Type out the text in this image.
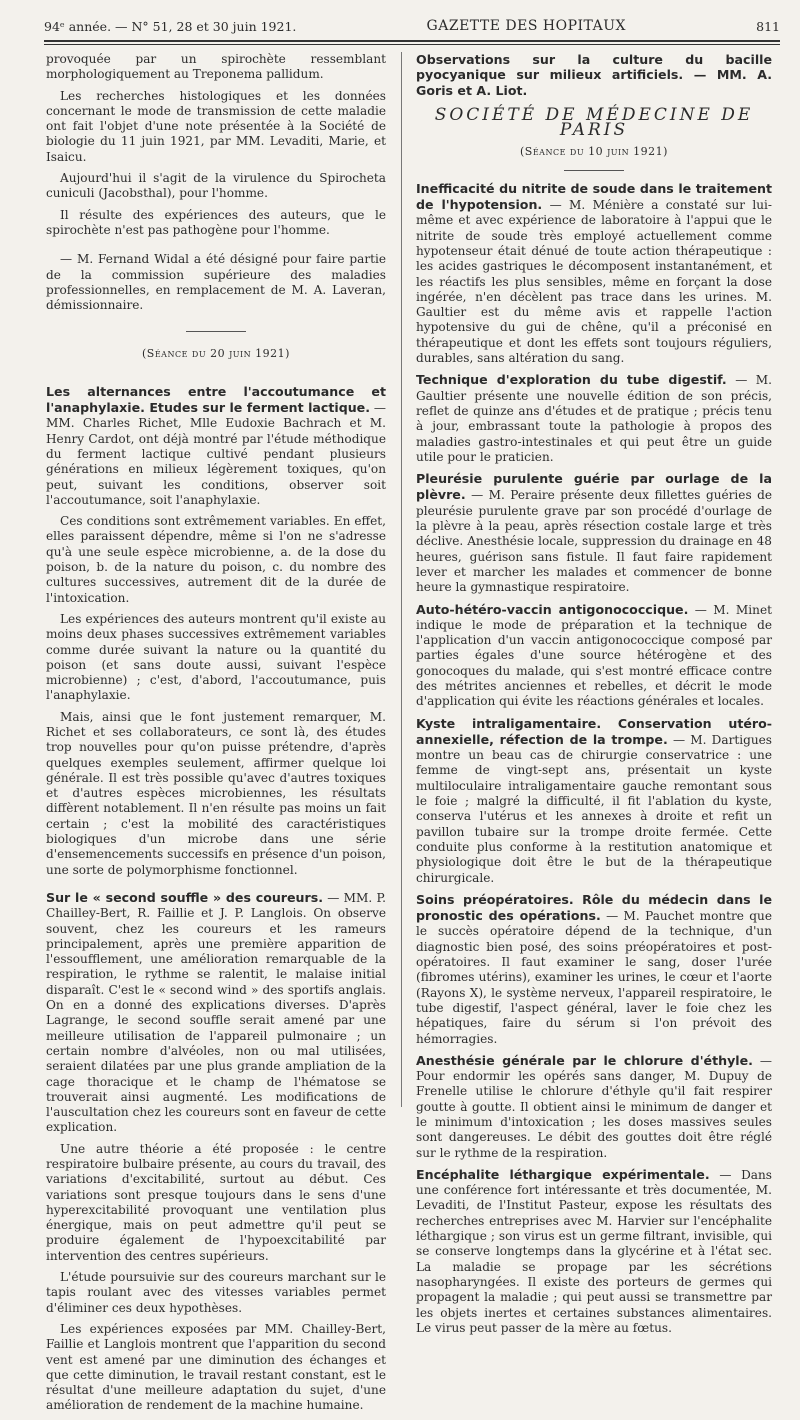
94ᵉ année. — N° 51, 28 et 30 juin 1921.	GAZETTE DES HOPITAUX	811

provoquée par un spirochète ressemblant morphologiquement au Treponema pallidum.

Les recherches histologiques et les données concernant le mode de transmission de cette maladie ont fait l'objet d'une note présentée à la Société de biologie du 11 juin 1921, par MM. Levaditi, Marie, et Isaicu.

Aujourd'hui il s'agit de la virulence du Spirocheta cuniculi (Jacobsthal), pour l'homme.

Il résulte des expériences des auteurs, que le spirochète n'est pas pathogène pour l'homme.

— M. Fernand Widal a été désigné pour faire partie de la commission supérieure des maladies professionnelles, en remplacement de M. A. Laveran, démissionnaire.

(Séance du 20 juin 1921)

Les alternances entre l'accoutumance et l'anaphylaxie. Etudes sur le ferment lactique. — MM. Charles Richet, Mlle Eudoxie Bachrach et M. Henry Cardot, ont déjà montré par l'étude méthodique du ferment lactique cultivé pendant plusieurs générations en milieux légèrement toxiques, qu'on peut, suivant les conditions, observer soit l'accoutumance, soit l'anaphylaxie.

Ces conditions sont extrêmement variables. En effet, elles paraissent dépendre, même si l'on ne s'adresse qu'à une seule espèce microbienne, a. de la dose du poison, b. de la nature du poison, c. du nombre des cultures successives, autrement dit de la durée de l'intoxication.

Les expériences des auteurs montrent qu'il existe au moins deux phases successives extrêmement variables comme durée suivant la nature ou la quantité du poison (et sans doute aussi, suivant l'espèce microbienne) ; c'est, d'abord, l'accoutumance, puis l'anaphylaxie.

Mais, ainsi que le font justement remarquer, M. Richet et ses collaborateurs, ce sont là, des études trop nouvelles pour qu'on puisse prétendre, d'après quelques exemples seulement, affirmer quelque loi générale. Il est très possible qu'avec d'autres toxiques et d'autres espèces microbiennes, les résultats diffèrent notablement. Il n'en résulte pas moins un fait certain ; c'est la mobilité des caractéristiques biologiques d'un microbe dans une série d'ensemencements successifs en présence d'un poison, une sorte de polymorphisme fonctionnel.

Sur le « second souffle » des coureurs. — MM. P. Chailley-Bert, R. Faillie et J. P. Langlois. On observe souvent, chez les coureurs et les rameurs principalement, après une première apparition de l'essoufflement, une amélioration remarquable de la respiration, le rythme se ralentit, le malaise initial disparaît. C'est le « second wind » des sportifs anglais. On en a donné des explications diverses. D'après Lagrange, le second souffle serait amené par une meilleure utilisation de l'appareil pulmonaire ; un certain nombre d'alvéoles, non ou mal utilisées, seraient dilatées par une plus grande ampliation de la cage thoracique et le champ de l'hématose se trouverait ainsi augmenté. Les modifications de l'auscultation chez les coureurs sont en faveur de cette explication.

Une autre théorie a été proposée : le centre respiratoire bulbaire présente, au cours du travail, des variations d'excitabilité, surtout au début. Ces variations sont presque toujours dans le sens d'une hyperexcitabilité provoquant une ventilation plus énergique, mais on peut admettre qu'il peut se produire également de l'hypoexcitabilité par intervention des centres supérieurs.

L'étude poursuivie sur des coureurs marchant sur le tapis roulant avec des vitesses variables permet d'éliminer ces deux hypothèses.

Les expériences exposées par MM. Chailley-Bert, Faillie et Langlois montrent que l'apparition du second vent est amené par une diminution des échanges et que cette diminution, le travail restant constant, est le résultat d'une meilleure adaptation du sujet, d'une amélioration de rendement de la machine humaine.

Observations sur la culture du bacille pyocyanique sur milieux artificiels. — MM. A. Goris et A. Liot.

SOCIÉTÉ DE MÉDECINE DE PARIS
(Séance du 10 juin 1921)

Inefficacité du nitrite de soude dans le traitement de l'hypotension. — M. Ménière a constaté sur lui-même et avec expérience de laboratoire à l'appui que le nitrite de soude très employé actuellement comme hypotenseur était dénué de toute action thérapeutique : les acides gastriques le décomposent instantanément, et les réactifs les plus sensibles, même en forçant la dose ingérée, n'en décèlent pas trace dans les urines. M. Gaultier est du même avis et rappelle l'action hypotensive du gui de chêne, qu'il a préconisé en thérapeutique et dont les effets sont toujours réguliers, durables, sans altération du sang.

Technique d'exploration du tube digestif. — M. Gaultier présente une nouvelle édition de son précis, reflet de quinze ans d'études et de pratique ; précis tenu à jour, embrassant toute la pathologie à propos des maladies gastro-intestinales et qui peut être un guide utile pour le praticien.

Pleurésie purulente guérie par ourlage de la plèvre. — M. Peraire présente deux fillettes guéries de pleurésie purulente grave par son procédé d'ourlage de la plèvre à la peau, après résection costale large et très déclive. Anesthésie locale, suppression du drainage en 48 heures, guérison sans fistule. Il faut faire rapidement lever et marcher les malades et commencer de bonne heure la gymnastique respiratoire.

Auto-hétéro-vaccin antigonococcique. — M. Minet indique le mode de préparation et la technique de l'application d'un vaccin antigonococcique composé par parties égales d'une source hétérogène et des gonocoques du malade, qui s'est montré efficace contre des métrites anciennes et rebelles, et décrit le mode d'application qui évite les réactions générales et locales.

Kyste intraligamentaire. Conservation utéro-annexielle, réfection de la trompe. — M. Dartigues montre un beau cas de chirurgie conservatrice : une femme de vingt-sept ans, présentait un kyste multiloculaire intraligamentaire gauche remontant sous le foie ; malgré la difficulté, il fit l'ablation du kyste, conserva l'utérus et les annexes à droite et refit un pavillon tubaire sur la trompe droite fermée. Cette conduite plus conforme à la restitution anatomique et physiologique doit être le but de la thérapeutique chirurgicale.

Soins préopératoires. Rôle du médecin dans le pronostic des opérations. — M. Pauchet montre que le succès opératoire dépend de la technique, d'un diagnostic bien posé, des soins préopératoires et post-opératoires. Il faut examiner le sang, doser l'urée (fibromes utérins), examiner les urines, le cœur et l'aorte (Rayons X), le système nerveux, l'appareil respiratoire, le tube digestif, l'aspect général, laver le foie chez les hépatiques, faire du sérum si l'on prévoit des hémorragies.

Anesthésie générale par le chlorure d'éthyle. — Pour endormir les opérés sans danger, M. Dupuy de Frenelle utilise le chlorure d'éthyle qu'il fait respirer goutte à goutte. Il obtient ainsi le minimum de danger et le minimum d'intoxication ; les doses massives seules sont dangereuses. Le débit des gouttes doit être réglé sur le rythme de la respiration.

Encéphalite léthargique expérimentale. — Dans une conférence fort intéressante et très documentée, M. Levaditi, de l'Institut Pasteur, expose les résultats des recherches entreprises avec M. Harvier sur l'encéphalite léthargique ; son virus est un germe filtrant, invisible, qui se conserve longtemps dans la glycérine et à l'état sec. La maladie se propage par les sécrétions nasopharyngées. Il existe des porteurs de germes qui propagent la maladie ; qui peut aussi se transmettre par les objets inertes et certaines substances alimentaires. Le virus peut passer de la mère au fœtus.
